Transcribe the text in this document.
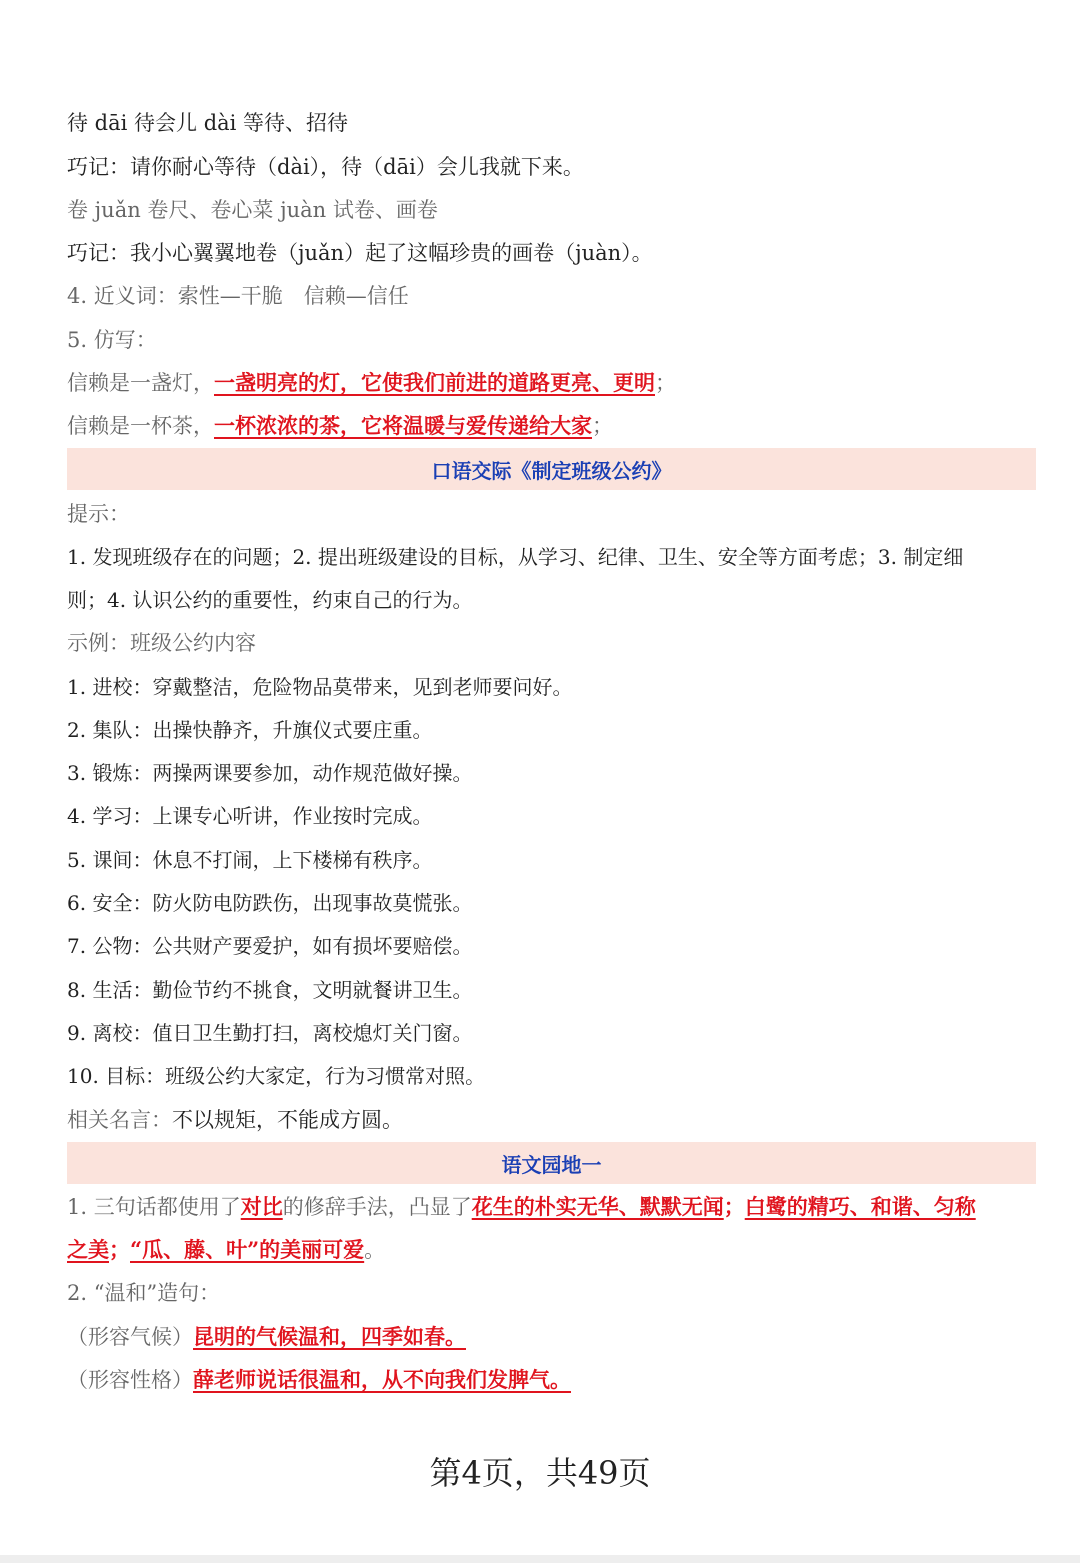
待 dāi 待会儿 dài 等待、招待
巧记：请你耐心等待（dài），待（dāi）会儿我就下来。
卷 juǎn 卷尺、卷心菜 juàn 试卷、画卷
巧记：我小心翼翼地卷（juǎn）起了这幅珍贵的画卷（juàn）。
4. 近义词：索性—干脆　信赖—信任
5. 仿写：
信赖是一盏灯，一盏明亮的灯，它使我们前进的道路更亮、更明；
信赖是一杯茶，一杯浓浓的茶，它将温暖与爱传递给大家；
口语交际《制定班级公约》
提示：
1. 发现班级存在的问题；2. 提出班级建设的目标，从学习、纪律、卫生、安全等方面考虑；3. 制定细
则；4. 认识公约的重要性，约束自己的行为。
示例：班级公约内容
1. 进校：穿戴整洁，危险物品莫带来，见到老师要问好。
2. 集队：出操快静齐，升旗仪式要庄重。
3. 锻炼：两操两课要参加，动作规范做好操。
4. 学习：上课专心听讲，作业按时完成。
5. 课间：休息不打闹，上下楼梯有秩序。
6. 安全：防火防电防跌伤，出现事故莫慌张。
7. 公物：公共财产要爱护，如有损坏要赔偿。
8. 生活：勤俭节约不挑食，文明就餐讲卫生。
9. 离校：值日卫生勤打扫，离校熄灯关门窗。
10. 目标：班级公约大家定，行为习惯常对照。
相关名言：不以规矩，不能成方圆。
语文园地一
1. 三句话都使用了对比的修辞手法，凸显了花生的朴实无华、默默无闻；白鹭的精巧、和谐、匀称
之美；“瓜、藤、叶”的美丽可爱。
2. “温和”造句：
（形容气候）昆明的气候温和，四季如春。
（形容性格）薛老师说话很温和，从不向我们发脾气。
第4页，共49页
